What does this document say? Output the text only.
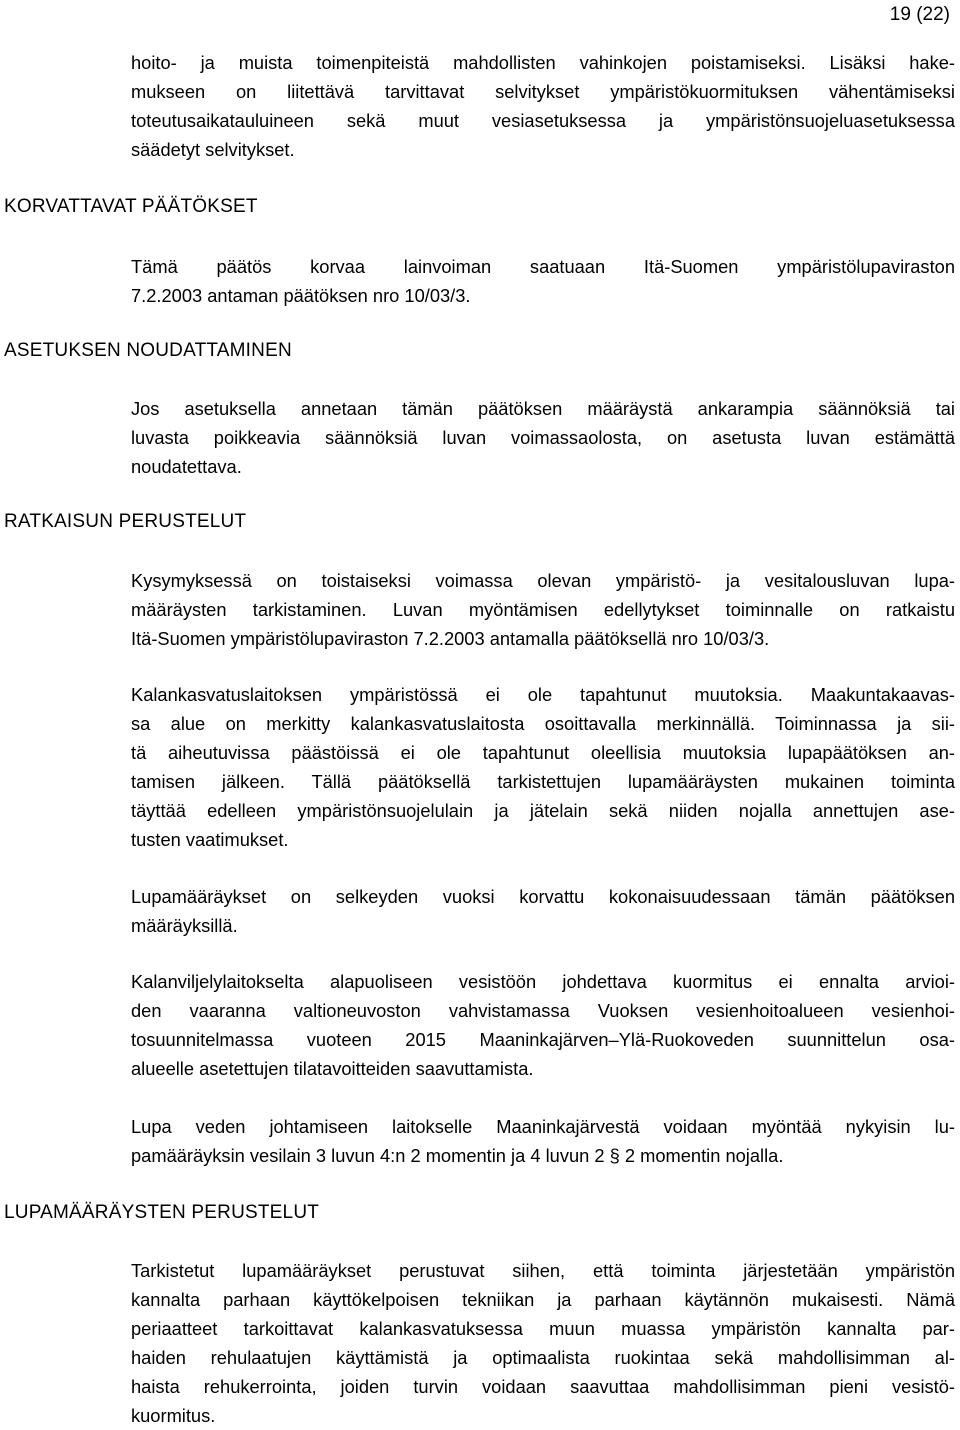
19 (22)
hoito- ja muista toimenpiteistä mahdollisten vahinkojen poistamiseksi. Lisäksi hake-
mukseen on liitettävä tarvittavat selvitykset ympäristökuormituksen vähentämiseksi
toteutusaikatauluineen sekä muut vesiasetuksessa ja ympäristönsuojeluasetuksessa
säädetyt selvitykset.
KORVATTAVAT PÄÄTÖKSET
Tämä päätös korvaa lainvoiman saatuaan Itä-Suomen ympäristölupaviraston
7.2.2003 antaman päätöksen nro 10/03/3.
ASETUKSEN NOUDATTAMINEN
Jos asetuksella annetaan tämän päätöksen määräystä ankarampia säännöksiä tai
luvasta poikkeavia säännöksiä luvan voimassaolosta, on asetusta luvan estämättä
noudatettava.
RATKAISUN PERUSTELUT
Kysymyksessä on toistaiseksi voimassa olevan ympäristö- ja vesitalousluvan lupa-
määräysten tarkistaminen. Luvan myöntämisen edellytykset toiminnalle on ratkaistu
Itä-Suomen ympäristölupaviraston 7.2.2003 antamalla päätöksellä nro 10/03/3.
Kalankasvatuslaitoksen ympäristössä ei ole tapahtunut muutoksia. Maakuntakaavas-
sa alue on merkitty kalankasvatuslaitosta osoittavalla merkinnällä. Toiminnassa ja sii-
tä aiheutuvissa päästöissä ei ole tapahtunut oleellisia muutoksia lupapäätöksen an-
tamisen jälkeen. Tällä päätöksellä tarkistettujen lupamääräysten mukainen toiminta
täyttää edelleen ympäristönsuojelulain ja jätelain sekä niiden nojalla annettujen ase-
tusten vaatimukset.
Lupamääräykset on selkeyden vuoksi korvattu kokonaisuudessaan tämän päätöksen
määräyksillä.
Kalanviljelylaitokselta alapuoliseen vesistöön johdettava kuormitus ei ennalta arvioi-
den vaaranna valtioneuvoston vahvistamassa Vuoksen vesienhoitoalueen vesienhoi-
tosuunnitelmassa vuoteen 2015 Maaninkajärven–Ylä-Ruokoveden suunnittelun osa-
alueelle asetettujen tilatavoitteiden saavuttamista.
Lupa veden johtamiseen laitokselle Maaninkajärvestä voidaan myöntää nykyisin lu-
pamääräyksin vesilain 3 luvun 4:n 2 momentin ja 4 luvun 2 § 2 momentin nojalla.
LUPAMÄÄRÄYSTEN PERUSTELUT
Tarkistetut lupamääräykset perustuvat siihen, että toiminta järjestetään ympäristön
kannalta parhaan käyttökelpoisen tekniikan ja parhaan käytännön mukaisesti. Nämä
periaatteet tarkoittavat kalankasvatuksessa muun muassa ympäristön kannalta par-
haiden rehulaatujen käyttämistä ja optimaalista ruokintaa sekä mahdollisimman al-
haista rehukerrointa, joiden turvin voidaan saavuttaa mahdollisimman pieni vesistö-
kuormitus.
